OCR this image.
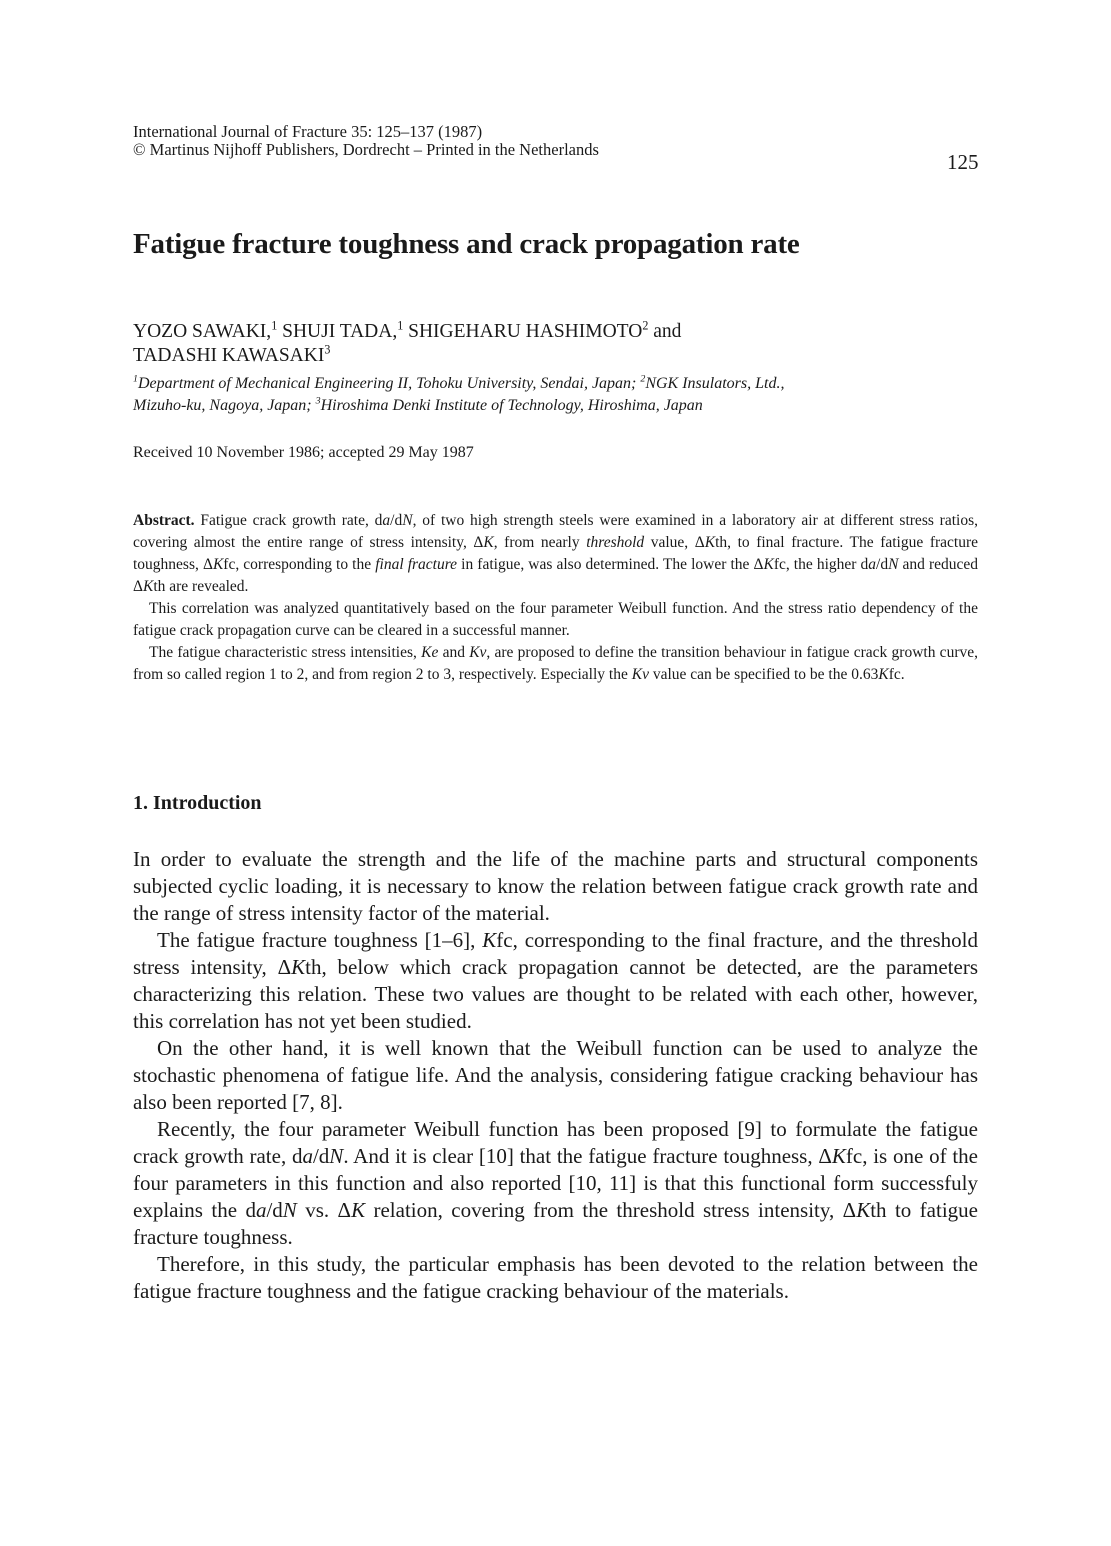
International Journal of Fracture 35: 125–137 (1987)
© Martinus Nijhoff Publishers, Dordrecht – Printed in the Netherlands
125
Fatigue fracture toughness and crack propagation rate
YOZO SAWAKI,$^1$ SHUJI TADA,$^1$ SHIGEHARU HASHIMOTO$^2$ and
TADASHI KAWASAKI$^3$
$^1$Department of Mechanical Engineering II, Tohoku University, Sendai, Japan; $^2$NGK Insulators, Ltd.,
Mizuho-ku, Nagoya, Japan; $^3$Hiroshima Denki Institute of Technology, Hiroshima, Japan
Received 10 November 1986; accepted 29 May 1987

Abstract. Fatigue crack growth rate, da/dN, of two high strength steels were examined in a laboratory air at different stress ratios, covering almost the entire range of stress intensity, ΔK, from nearly threshold value, ΔKth, to final fracture. The fatigue fracture toughness, ΔKfc, corresponding to the final fracture in fatigue, was also determined. The lower the ΔKfc, the higher da/dN and reduced ΔKth are revealed.

This correlation was analyzed quantitatively based on the four parameter Weibull function. And the stress ratio dependency of the fatigue crack propagation curve can be cleared in a successful manner.

The fatigue characteristic stress intensities, Ke and Kv, are proposed to define the transition behaviour in fatigue crack growth curve, from so called region 1 to 2, and from region 2 to 3, respectively. Especially the Kv value can be specified to be the 0.63Kfc.

1. Introduction

In order to evaluate the strength and the life of the machine parts and structural components subjected cyclic loading, it is necessary to know the relation between fatigue crack growth rate and the range of stress intensity factor of the material.

The fatigue fracture toughness [1–6], Kfc, corresponding to the final fracture, and the threshold stress intensity, ΔKth, below which crack propagation cannot be detected, are the parameters characterizing this relation. These two values are thought to be related with each other, however, this correlation has not yet been studied.

On the other hand, it is well known that the Weibull function can be used to analyze the stochastic phenomena of fatigue life. And the analysis, considering fatigue cracking behaviour has also been reported [7, 8].

Recently, the four parameter Weibull function has been proposed [9] to formulate the fatigue crack growth rate, da/dN. And it is clear [10] that the fatigue fracture toughness, ΔKfc, is one of the four parameters in this function and also reported [10, 11] is that this functional form successfuly explains the da/dN vs. ΔK relation, covering from the threshold stress intensity, ΔKth to fatigue fracture toughness.

Therefore, in this study, the particular emphasis has been devoted to the relation between the fatigue fracture toughness and the fatigue cracking behaviour of the materials.
